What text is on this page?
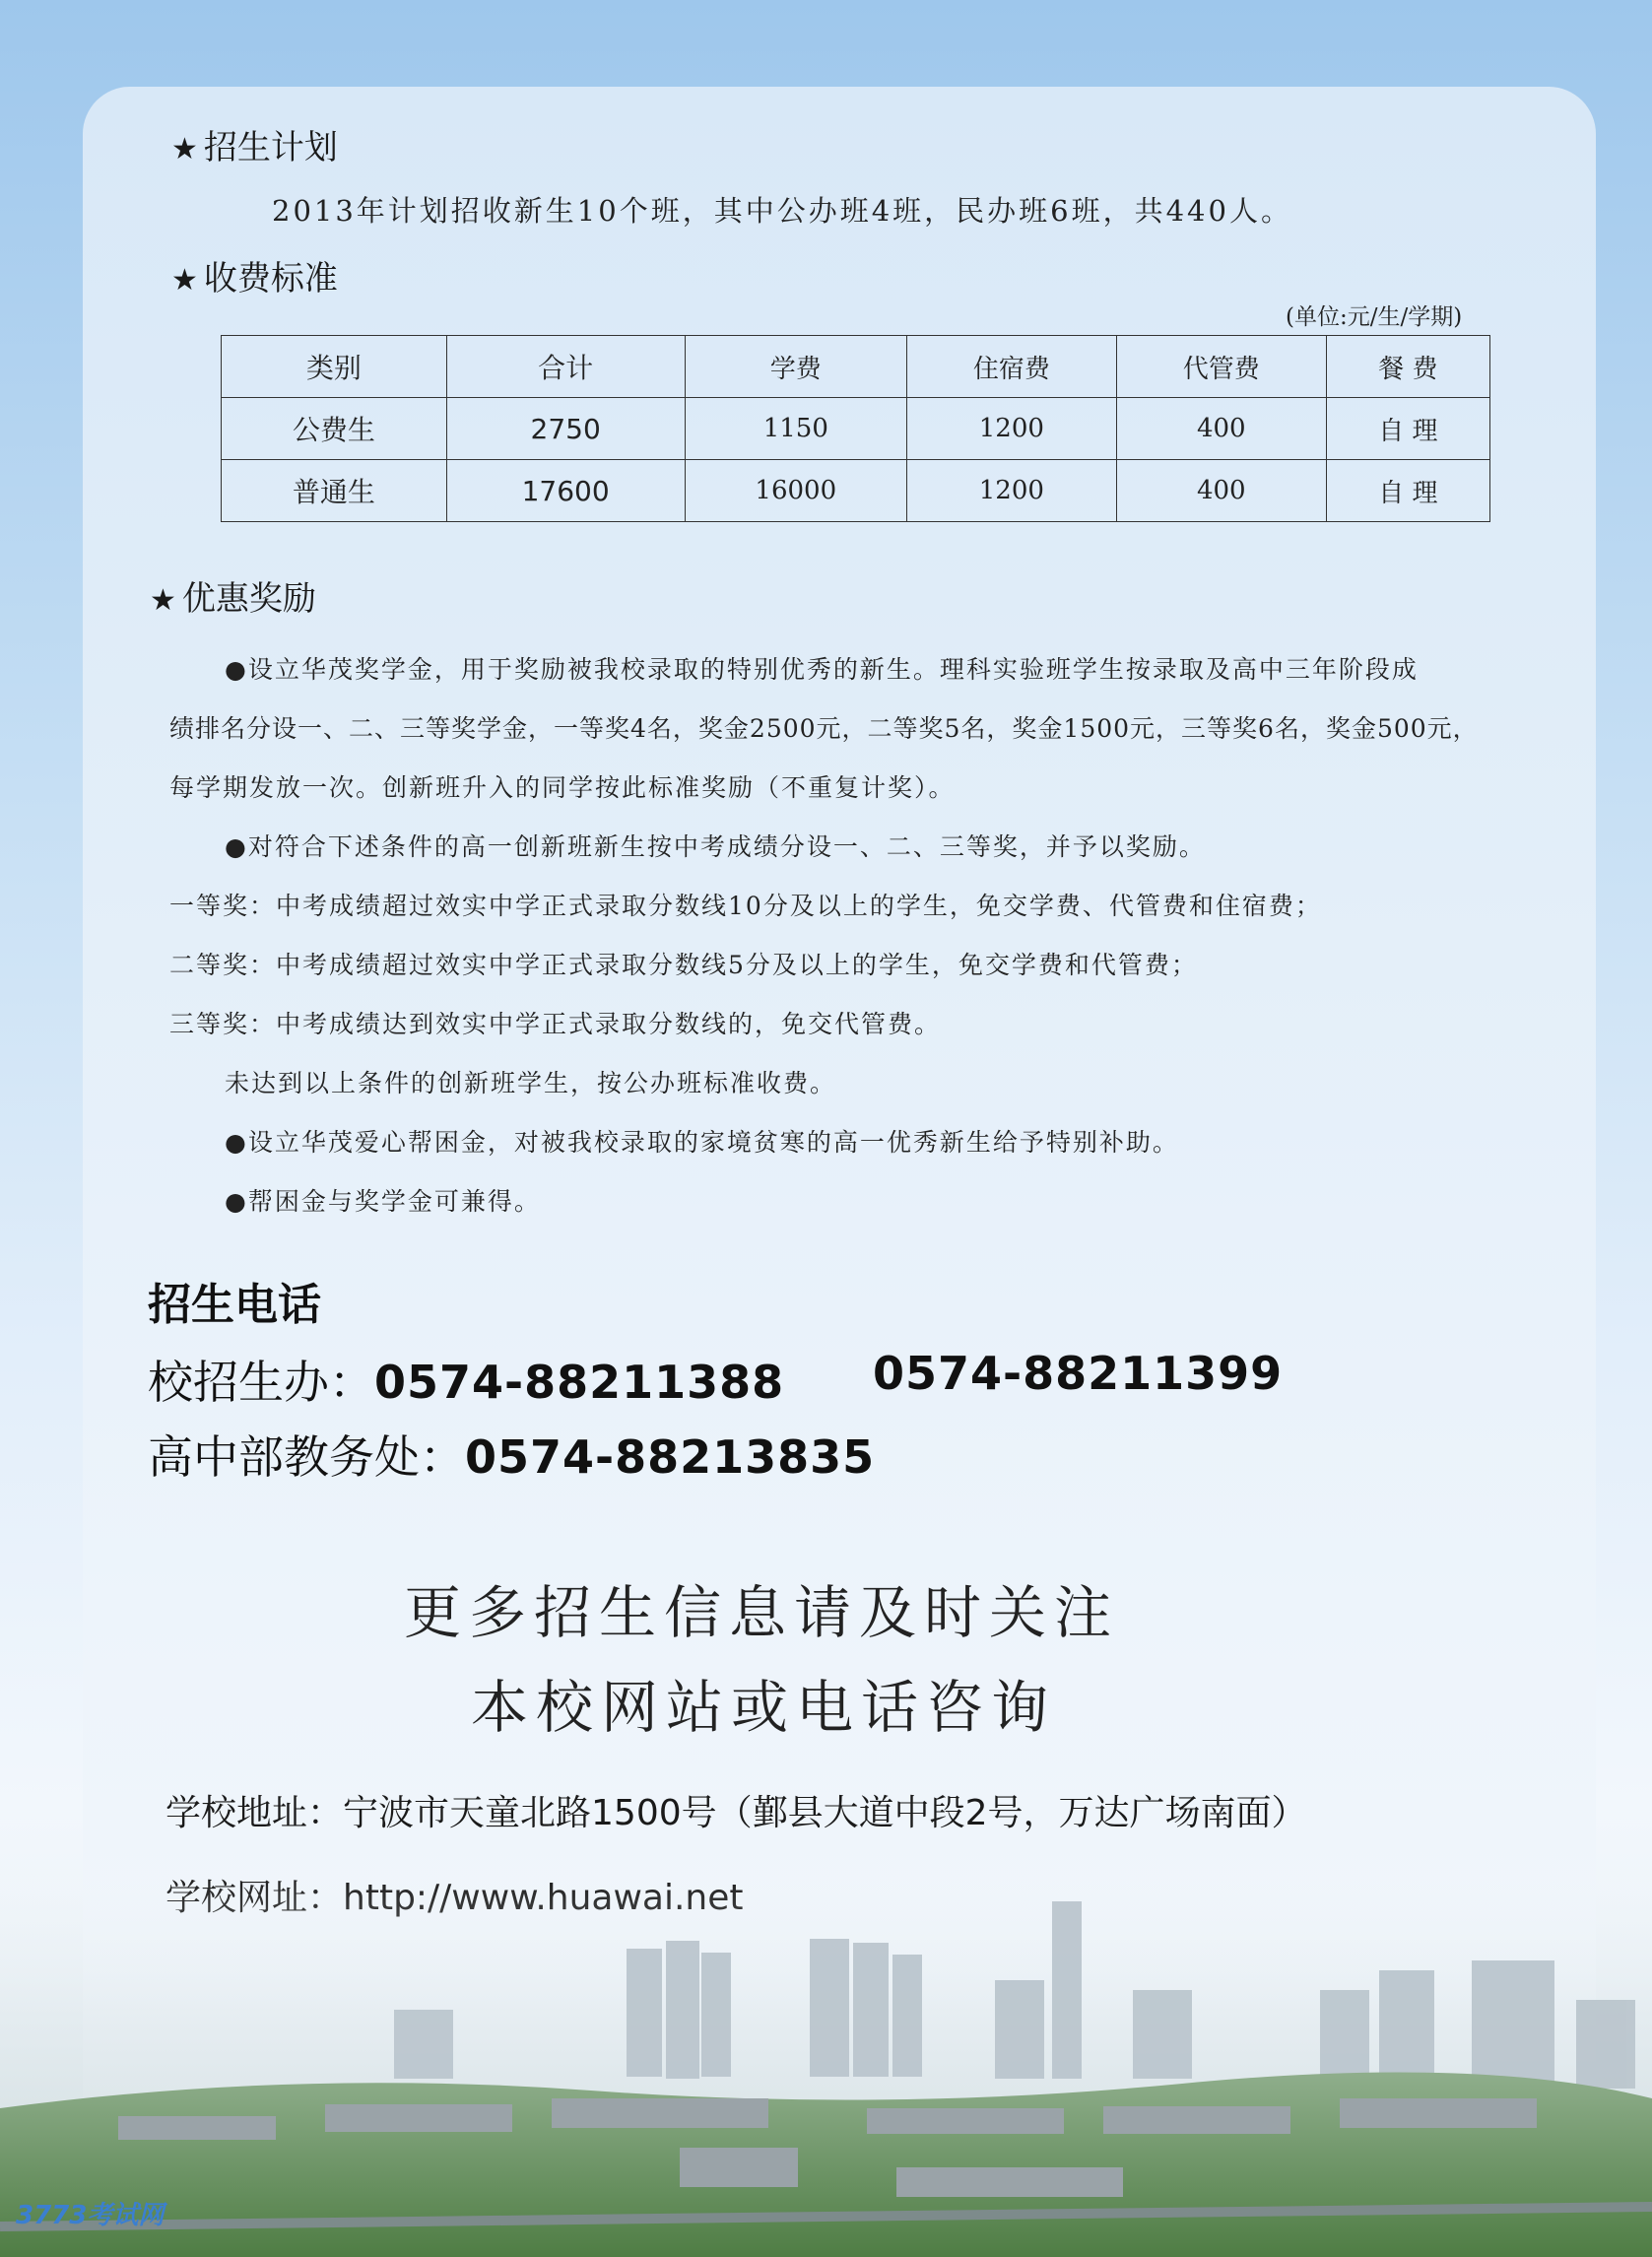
★ 招生计划
2013年计划招收新生10个班，其中公办班4班，民办班6班，共440人。
★ 收费标准
(单位:元/生/学期)
类别	合计	学费	住宿费	代管费	餐 费
公费生	2750	1150	1200	400	自 理
普通生	17600	16000	1200	400	自 理
★ 优惠奖励
●设立华茂奖学金，用于奖励被我校录取的特别优秀的新生。理科实验班学生按录取及高中三年阶段成
绩排名分设一、二、三等奖学金，一等奖4名，奖金2500元，二等奖5名，奖金1500元，三等奖6名，奖金500元，
每学期发放一次。创新班升入的同学按此标准奖励（不重复计奖）。
●对符合下述条件的高一创新班新生按中考成绩分设一、二、三等奖，并予以奖励。
一等奖：中考成绩超过效实中学正式录取分数线10分及以上的学生，免交学费、代管费和住宿费；
二等奖：中考成绩超过效实中学正式录取分数线5分及以上的学生，免交学费和代管费；
三等奖：中考成绩达到效实中学正式录取分数线的，免交代管费。
未达到以上条件的创新班学生，按公办班标准收费。
●设立华茂爱心帮困金，对被我校录取的家境贫寒的高一优秀新生给予特别补助。
●帮困金与奖学金可兼得。
招生电话
校招生办：0574-88211388 0574-88211399
高中部教务处：0574-88213835
更多招生信息请及时关注
本校网站或电话咨询
学校地址：宁波市天童北路1500号（鄞县大道中段2号，万达广场南面）
3773考试网
